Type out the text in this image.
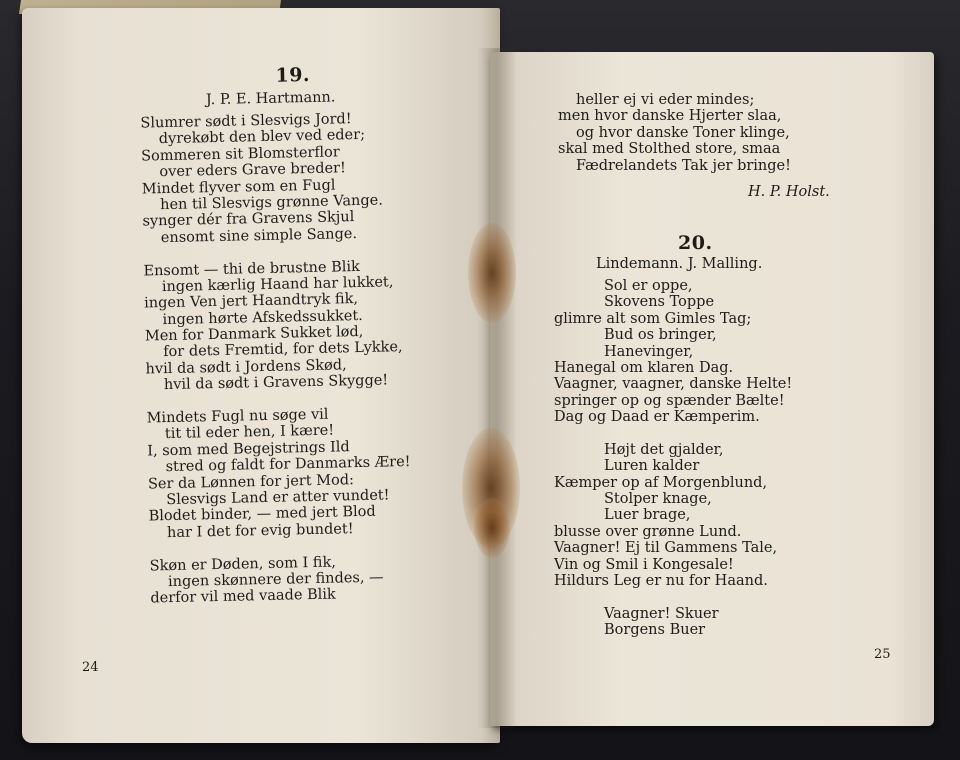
19.
J. P. E. Hartmann.
Slumrer sødt i Slesvigs Jord!
dyrekøbt den blev ved eder;
Sommeren sit Blomsterflor
over eders Grave breder!
Mindet flyver som en Fugl
hen til Slesvigs grønne Vange.
synger dér fra Gravens Skjul
ensomt sine simple Sange.
Ensomt — thi de brustne Blik
ingen kærlig Haand har lukket,
ingen Ven jert Haandtryk fik,
ingen hørte Afskedssukket.
Men for Danmark Sukket lød,
for dets Fremtid, for dets Lykke,
hvil da sødt i Jordens Skød,
hvil da sødt i Gravens Skygge!
Mindets Fugl nu søge vil
tit til eder hen, I kære!
I, som med Begejstrings Ild
stred og faldt for Danmarks Ære!
Ser da Lønnen for jert Mod:
Slesvigs Land er atter vundet!
Blodet binder, — med jert Blod
har I det for evig bundet!
Skøn er Døden, som I fik,
ingen skønnere der findes, —
derfor vil med vaade Blik
24
heller ej vi eder mindes;
men hvor danske Hjerter slaa,
og hvor danske Toner klinge,
skal med Stolthed store, smaa
Fædrelandets Tak jer bringe!
H. P. Holst.
20.
Lindemann. J. Malling.
Sol er oppe,
Skovens Toppe
glimre alt som Gimles Tag;
Bud os bringer,
Hanevinger,
Hanegal om klaren Dag.
Vaagner, vaagner, danske Helte!
springer op og spænder Bælte!
Dag og Daad er Kæmperim.
Højt det gjalder,
Luren kalder
Kæmper op af Morgenblund,
Stolper knage,
Luer brage,
blusse over grønne Lund.
Vaagner! Ej til Gammens Tale,
Vin og Smil i Kongesale!
Hildurs Leg er nu for Haand.
Vaagner! Skuer
Borgens Buer
25
